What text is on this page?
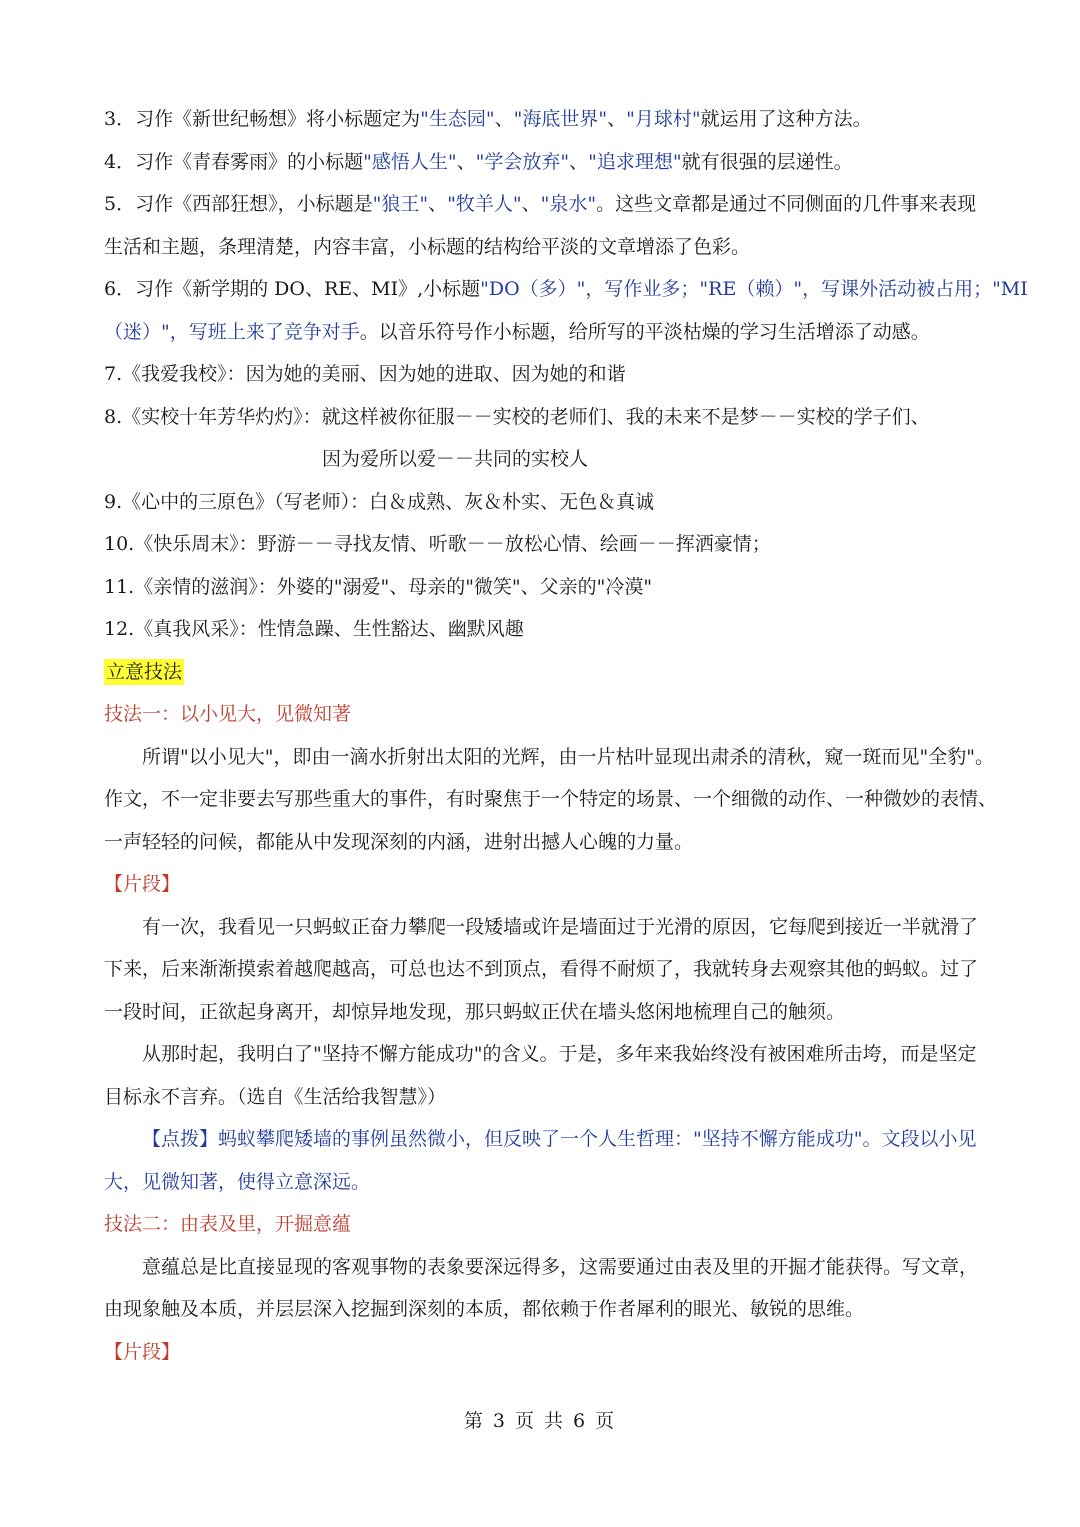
3．习作《新世纪畅想》将小标题定为"生态园"、"海底世界"、"月球村"就运用了这种方法。
4．习作《青春雾雨》的小标题"感悟人生"、"学会放弃"、"追求理想"就有很强的层递性。
5．习作《西部狂想》，小标题是"狼王"、"牧羊人"、"泉水"。这些文章都是通过不同侧面的几件事来表现
生活和主题，条理清楚，内容丰富，小标题的结构给平淡的文章增添了色彩。
6．习作《新学期的 DO、RE、MI》,小标题"DO（多）"，写作业多；"RE（赖）"，写课外活动被占用；"MI
（迷）"，写班上来了竞争对手。以音乐符号作小标题，给所写的平淡枯燥的学习生活增添了动感。
7.《我爱我校》：因为她的美丽、因为她的进取、因为她的和谐
8.《实校十年芳华灼灼》：就这样被你征服－－实校的老师们、我的未来不是梦－－实校的学子们、
因为爱所以爱－－共同的实校人
9.《心中的三原色》（写老师）：白＆成熟、灰＆朴实、无色＆真诚
10.《快乐周末》：野游－－寻找友情、听歌－－放松心情、绘画－－挥洒豪情；
11.《亲情的滋润》：外婆的"溺爱"、母亲的"微笑"、父亲的"冷漠"
12.《真我风采》：性情急躁、生性豁达、幽默风趣
立意技法
技法一：以小见大，见微知著
所谓"以小见大"，即由一滴水折射出太阳的光辉，由一片枯叶显现出肃杀的清秋，窥一斑而见"全豹"。
作文，不一定非要去写那些重大的事件，有时聚焦于一个特定的场景、一个细微的动作、一种微妙的表情、
一声轻轻的问候，都能从中发现深刻的内涵，进射出撼人心魄的力量。
【片段】
有一次，我看见一只蚂蚁正奋力攀爬一段矮墙或许是墙面过于光滑的原因，它每爬到接近一半就滑了
下来，后来渐渐摸索着越爬越高，可总也达不到顶点，看得不耐烦了，我就转身去观察其他的蚂蚁。过了
一段时间，正欲起身离开，却惊异地发现，那只蚂蚁正伏在墙头悠闲地梳理自己的触须。
从那时起，我明白了"坚持不懈方能成功"的含义。于是，多年来我始终没有被困难所击垮，而是坚定
目标永不言弃。（选自《生活给我智慧》）
【点拨】蚂蚁攀爬矮墙的事例虽然微小，但反映了一个人生哲理："坚持不懈方能成功"。文段以小见
大，见微知著，使得立意深远。
技法二：由表及里，开掘意蕴
意蕴总是比直接显现的客观事物的表象要深远得多，这需要通过由表及里的开掘才能获得。写文章，
由现象触及本质，并层层深入挖掘到深刻的本质，都依赖于作者犀利的眼光、敏锐的思维。
【片段】
第 3 页 共 6 页
